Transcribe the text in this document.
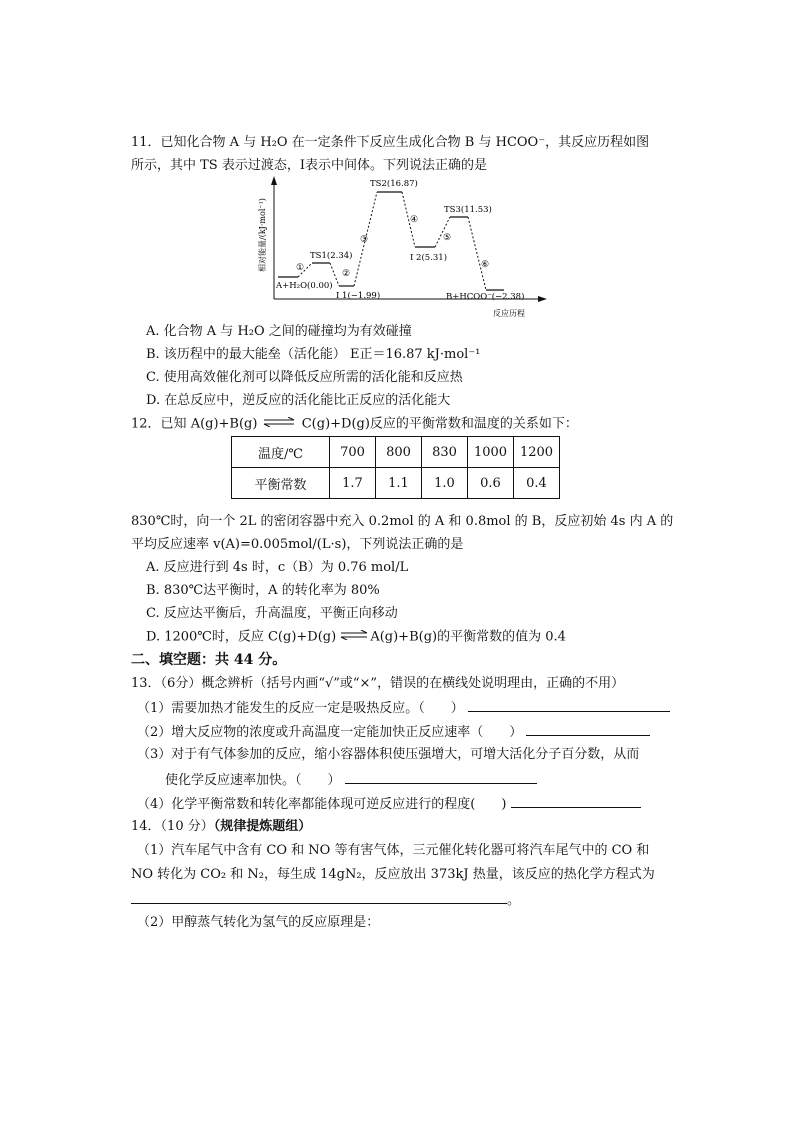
11．已知化合物 A 与 H₂O 在一定条件下反应生成化合物 B 与 HCOO⁻，其反应历程如图
所示，其中 TS 表示过渡态，I表示中间体。下列说法正确的是
相对能量/(kJ·mol⁻¹)
反应历程
A+H₂O(0.00)
TS1(2.34)
I 1(−1.99)
TS2(16.87)
I 2(5.31)
TS3(11.53)
B+HCOO⁻(−2.38)
①
②
③
④
⑤
⑥
A. 化合物 A 与 H₂O 之间的碰撞均为有效碰撞
B. 该历程中的最大能垒（活化能） E正＝16.87 kJ·mol⁻¹
C. 使用高效催化剂可以降低反应所需的活化能和反应热
D. 在总反应中，逆反应的活化能比正反应的活化能大
12．已知 A(g)+B(g) ⇌ C(g)+D(g)反应的平衡常数和温度的关系如下：
温度/℃	700	800	830	1000	1200
平衡常数	1.7	1.1	1.0	0.6	0.4
830℃时，向一个 2L 的密闭容器中充入 0.2mol 的 A 和 0.8mol 的 B，反应初始 4s 内 A 的
平均反应速率 v(A)=0.005mol/(L·s)，下列说法正确的是
A. 反应进行到 4s 时，c（B）为 0.76 mol/L
B. 830℃达平衡时，A 的转化率为 80%
C. 反应达平衡后，升高温度，平衡正向移动
D. 1200℃时，反应 C(g)+D(g) ⇌A(g)+B(g)的平衡常数的值为 0.4
二、填空题：共 44 分。
13．（6分）概念辨析（括号内画“√”或“×”，错误的在横线处说明理由，正确的不用）
（1）需要加热才能发生的反应一定是吸热反应。（　　）
（2）增大反应物的浓度或升高温度一定能加快正反应速率（　　）
（3）对于有气体参加的反应，缩小容器体积使压强增大，可增大活化分子百分数，从而
使化学反应速率加快。（　　）
（4）化学平衡常数和转化率都能体现可逆反应进行的程度(　　)
14．（10 分）（规律提炼题组）
（1）汽车尾气中含有 CO 和 NO 等有害气体，三元催化转化器可将汽车尾气中的 CO 和
NO 转化为 CO₂ 和 N₂，每生成 14gN₂，反应放出 373kJ 热量，该反应的热化学方程式为
。
（2）甲醇蒸气转化为氢气的反应原理是：
